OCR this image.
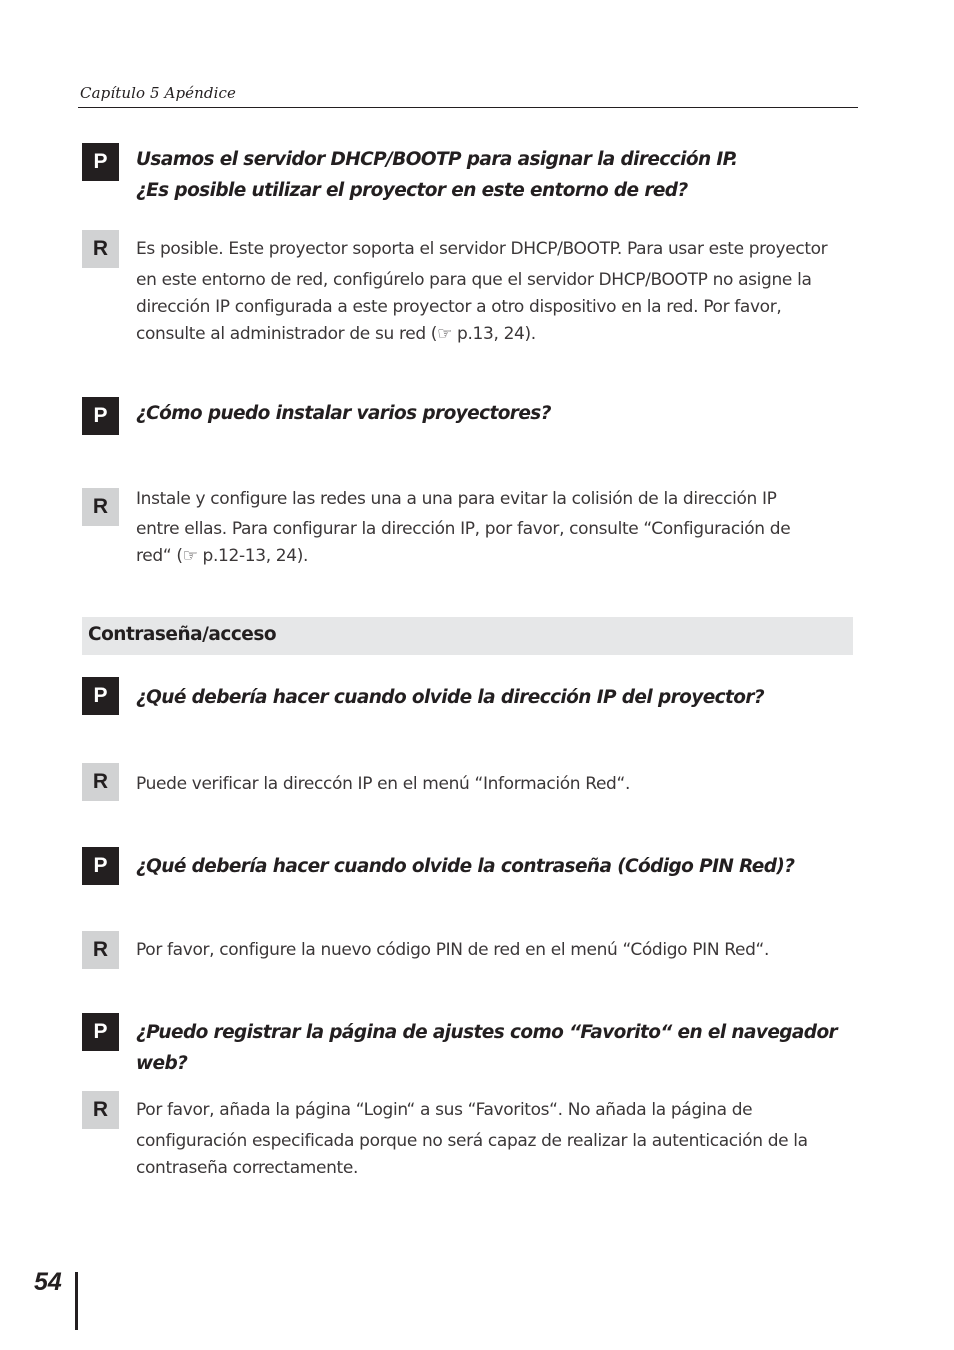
Capítulo 5 Apéndice
P	Usamos el servidor DHCP/BOOTP para asignar la dirección IP.
¿Es posible utilizar el proyector en este entorno de red?
R	Es posible. Este proyector soporta el servidor DHCP/BOOTP. Para usar este proyector
en este entorno de red, configúrelo para que el servidor DHCP/BOOTP no asigne la
dirección IP configurada a este proyector a otro dispositivo en la red. Por favor,
consulte al administrador de su red (☞ p.13, 24).
P	¿Cómo puedo instalar varios proyectores?
R	Instale y configure las redes una a una para evitar la colisión de la dirección IP
entre ellas. Para configurar la dirección IP, por favor, consulte “Configuración de
red“ (☞ p.12-13, 24).
Contraseña/acceso
P	¿Qué debería hacer cuando olvide la dirección IP del proyector?
R	Puede verificar la direccón IP en el menú “Información Red“.
P	¿Qué debería hacer cuando olvide la contraseña (Código PIN Red)?
R	Por favor, configure la nuevo código PIN de red en el menú “Código PIN Red“.
P	¿Puedo registrar la página de ajustes como “Favorito“ en el navegador
web?
R	Por favor, añada la página “Login“ a sus “Favoritos“. No añada la página de
configuración especificada porque no será capaz de realizar la autenticación de la
contraseña correctamente.
54
